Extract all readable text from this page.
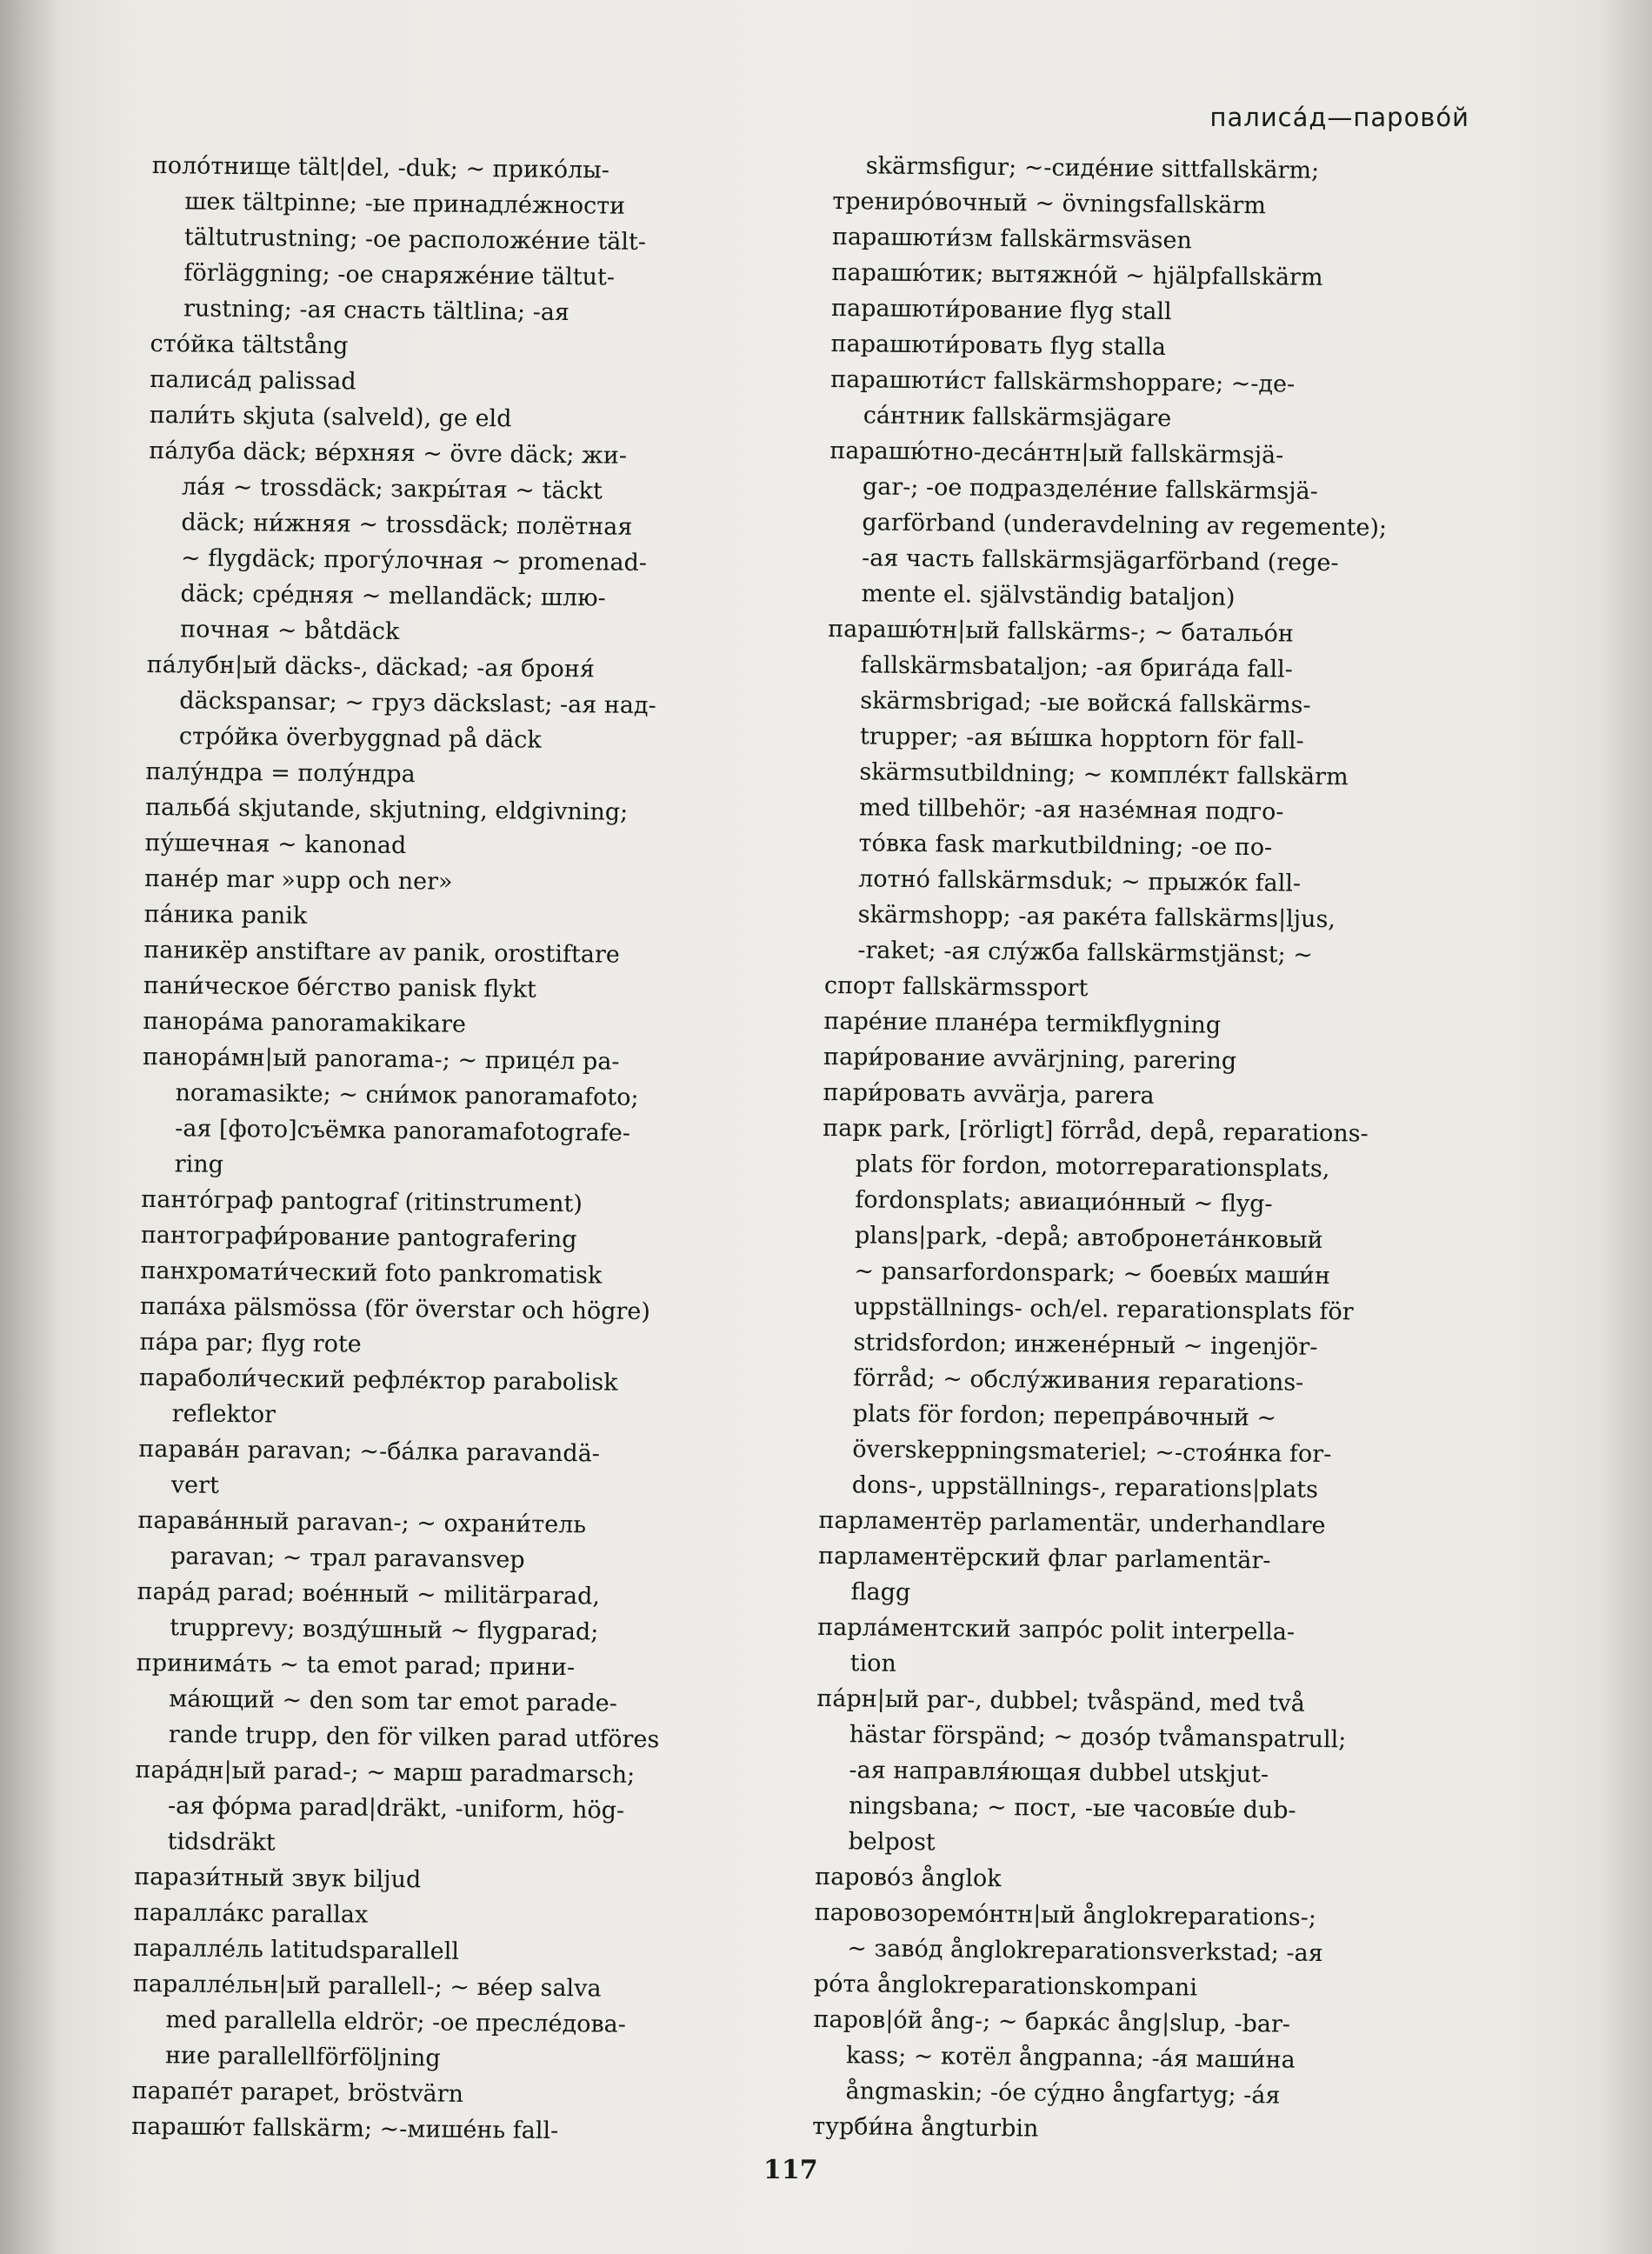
палиса́д—паровóй
поло́тнище tält|del, -duk; ~ прико́лы-
шек tältpinne; -ые принадле́жности
tältutrustning; -ое расположе́ние tält-
förläggning; -ое снаряже́ние tältut-
rustning; -ая снасть tältlina; -ая
сто́йка tältstång
палиса́д palissad
пали́ть skjuta (salveld), ge eld
па́луба däck; ве́рхняя ~ övre däck; жи-
ла́я ~ trossdäck; закры́тая ~ täckt
däck; ни́жняя ~ trossdäck; полётная
~ flygdäck; прогу́лочная ~ promenad-
däck; сре́дняя ~ mellandäck; шлю-
почная ~ båtdäck
па́лубн|ый däcks-, däckad; -ая броня́
däckspansar; ~ груз däckslast; -ая над-
стро́йка överbyggnad på däck
палу́ндра = полу́ндра
пальба́ skjutande, skjutning, eldgivning;
пу́шечная ~ kanonad
пане́р mar »upp och ner»
па́ника panik
паникёр anstiftare av panik, orostiftare
пани́ческое бе́гство panisk flykt
панора́ма panoramakikare
панора́мн|ый panorama-; ~ прице́л pa-
noramasikte; ~ сни́мок panoramafoto;
-ая [фото]съёмка panoramafotografe-
ring
панто́граф pantograf (ritinstrument)
пантографи́рование pantografering
панхромати́ческий foto pankromatisk
папа́ха pälsmössa (för överstar och högre)
па́ра par; flyg rote
параболи́ческий рефле́ктор parabolisk
reflektor
парава́н paravan; ~-ба́лка paravandä-
vert
парава́нный paravan-; ~ охрани́тель
paravan; ~ трал paravansvep
пара́д parad; вое́нный ~ militärparad,
trupprevy; возду́шный ~ flygparad;
принима́ть ~ ta emot parad; прини-
ма́ющий ~ den som tar emot parade-
rande trupp, den för vilken parad utföres
пара́дн|ый parad-; ~ марш paradmarsch;
-ая фо́рма parad|dräkt, -uniform, hög-
tidsdräkt
парази́тный звук biljud
паралла́кс parallax
паралле́ль latitudsparallell
паралле́льн|ый parallell-; ~ ве́ер salva
med parallella eldrör; -ое пресле́дова-
ние parallellförföljning
парапе́т parapet, bröstvärn
парашю́т fallskärm; ~-мише́нь fall-
skärmsfigur; ~-сиде́ние sittfallskärm;
тренирóвочный ~ övningsfallskärm
парашюти́зм fallskärmsväsen
парашю́тик; вытяжнóй ~ hjälpfallskärm
парашюти́рование flyg stall
парашюти́ровать flyg stalla
парашюти́ст fallskärmshoppare; ~-де-
са́нтник fallskärmsjägare
парашю́тно-деса́нтн|ый fallskärmsjä-
gar-; -ое подразделе́ние fallskärmsjä-
garförband (underavdelning av regemente);
-ая часть fallskärmsjägarförband (rege-
mente el. självständig bataljon)
парашю́тн|ый fallskärms-; ~ батальо́н
fallskärmsbataljon; -ая брига́да fall-
skärmsbrigad; -ые войска́ fallskärms-
trupper; -ая вы́шка hopptorn för fall-
skärmsutbildning; ~ компле́кт fallskärm
med tillbehör; -ая назе́мная подго-
то́вка fask markutbildning; -ое по-
лотнó fallskärmsduk; ~ прыжóк fall-
skärmshopp; -ая ракéта fallskärms|ljus,
-raket; -ая слу́жба fallskärmstjänst; ~
спорт fallskärmssport
паре́ние плане́ра termikflygning
пари́рование avvärjning, parering
пари́ровать avvärja, parera
парк park, [rörligt] förråd, depå, reparations-
plats för fordon, motorreparationsplats,
fordonsplats; авиацио́нный ~ flyg-
plans|park, -depå; автобронета́нковый
~ pansarfordonspark; ~ боевы́х маши́н
uppställnings- och/el. reparationsplats för
stridsfordon; инжене́рный ~ ingenjör-
förråd; ~ обслу́живания reparations-
plats för fordon; перепра́вочный ~
överskeppningsmateriel; ~-стоя́нка for-
dons-, uppställnings-, reparations|plats
парламентёр parlamentär, underhandlare
парламентёрский флаг parlamentär-
flagg
парла́ментский запрóс polit interpella-
tion
па́рн|ый par-, dubbel; tvåspänd, med två
hästar förspänd; ~ дозóр tvåmanspatrull;
-ая направля́ющая dubbel utskjut-
ningsbana; ~ пост, -ые часовы́е dub-
belpost
парово́з ånglok
паровозоремо́нтн|ый ånglokreparations-;
~ заво́д ånglokreparationsverkstad; -ая
ро́та ånglokreparationskompani
паров|óй ång-; ~ барка́с ång|slup, -bar-
kass; ~ котёл ångpanna; -а́я маши́на
ångmaskin; -óе су́дно ångfartyg; -а́я
турби́на ångturbin
117
